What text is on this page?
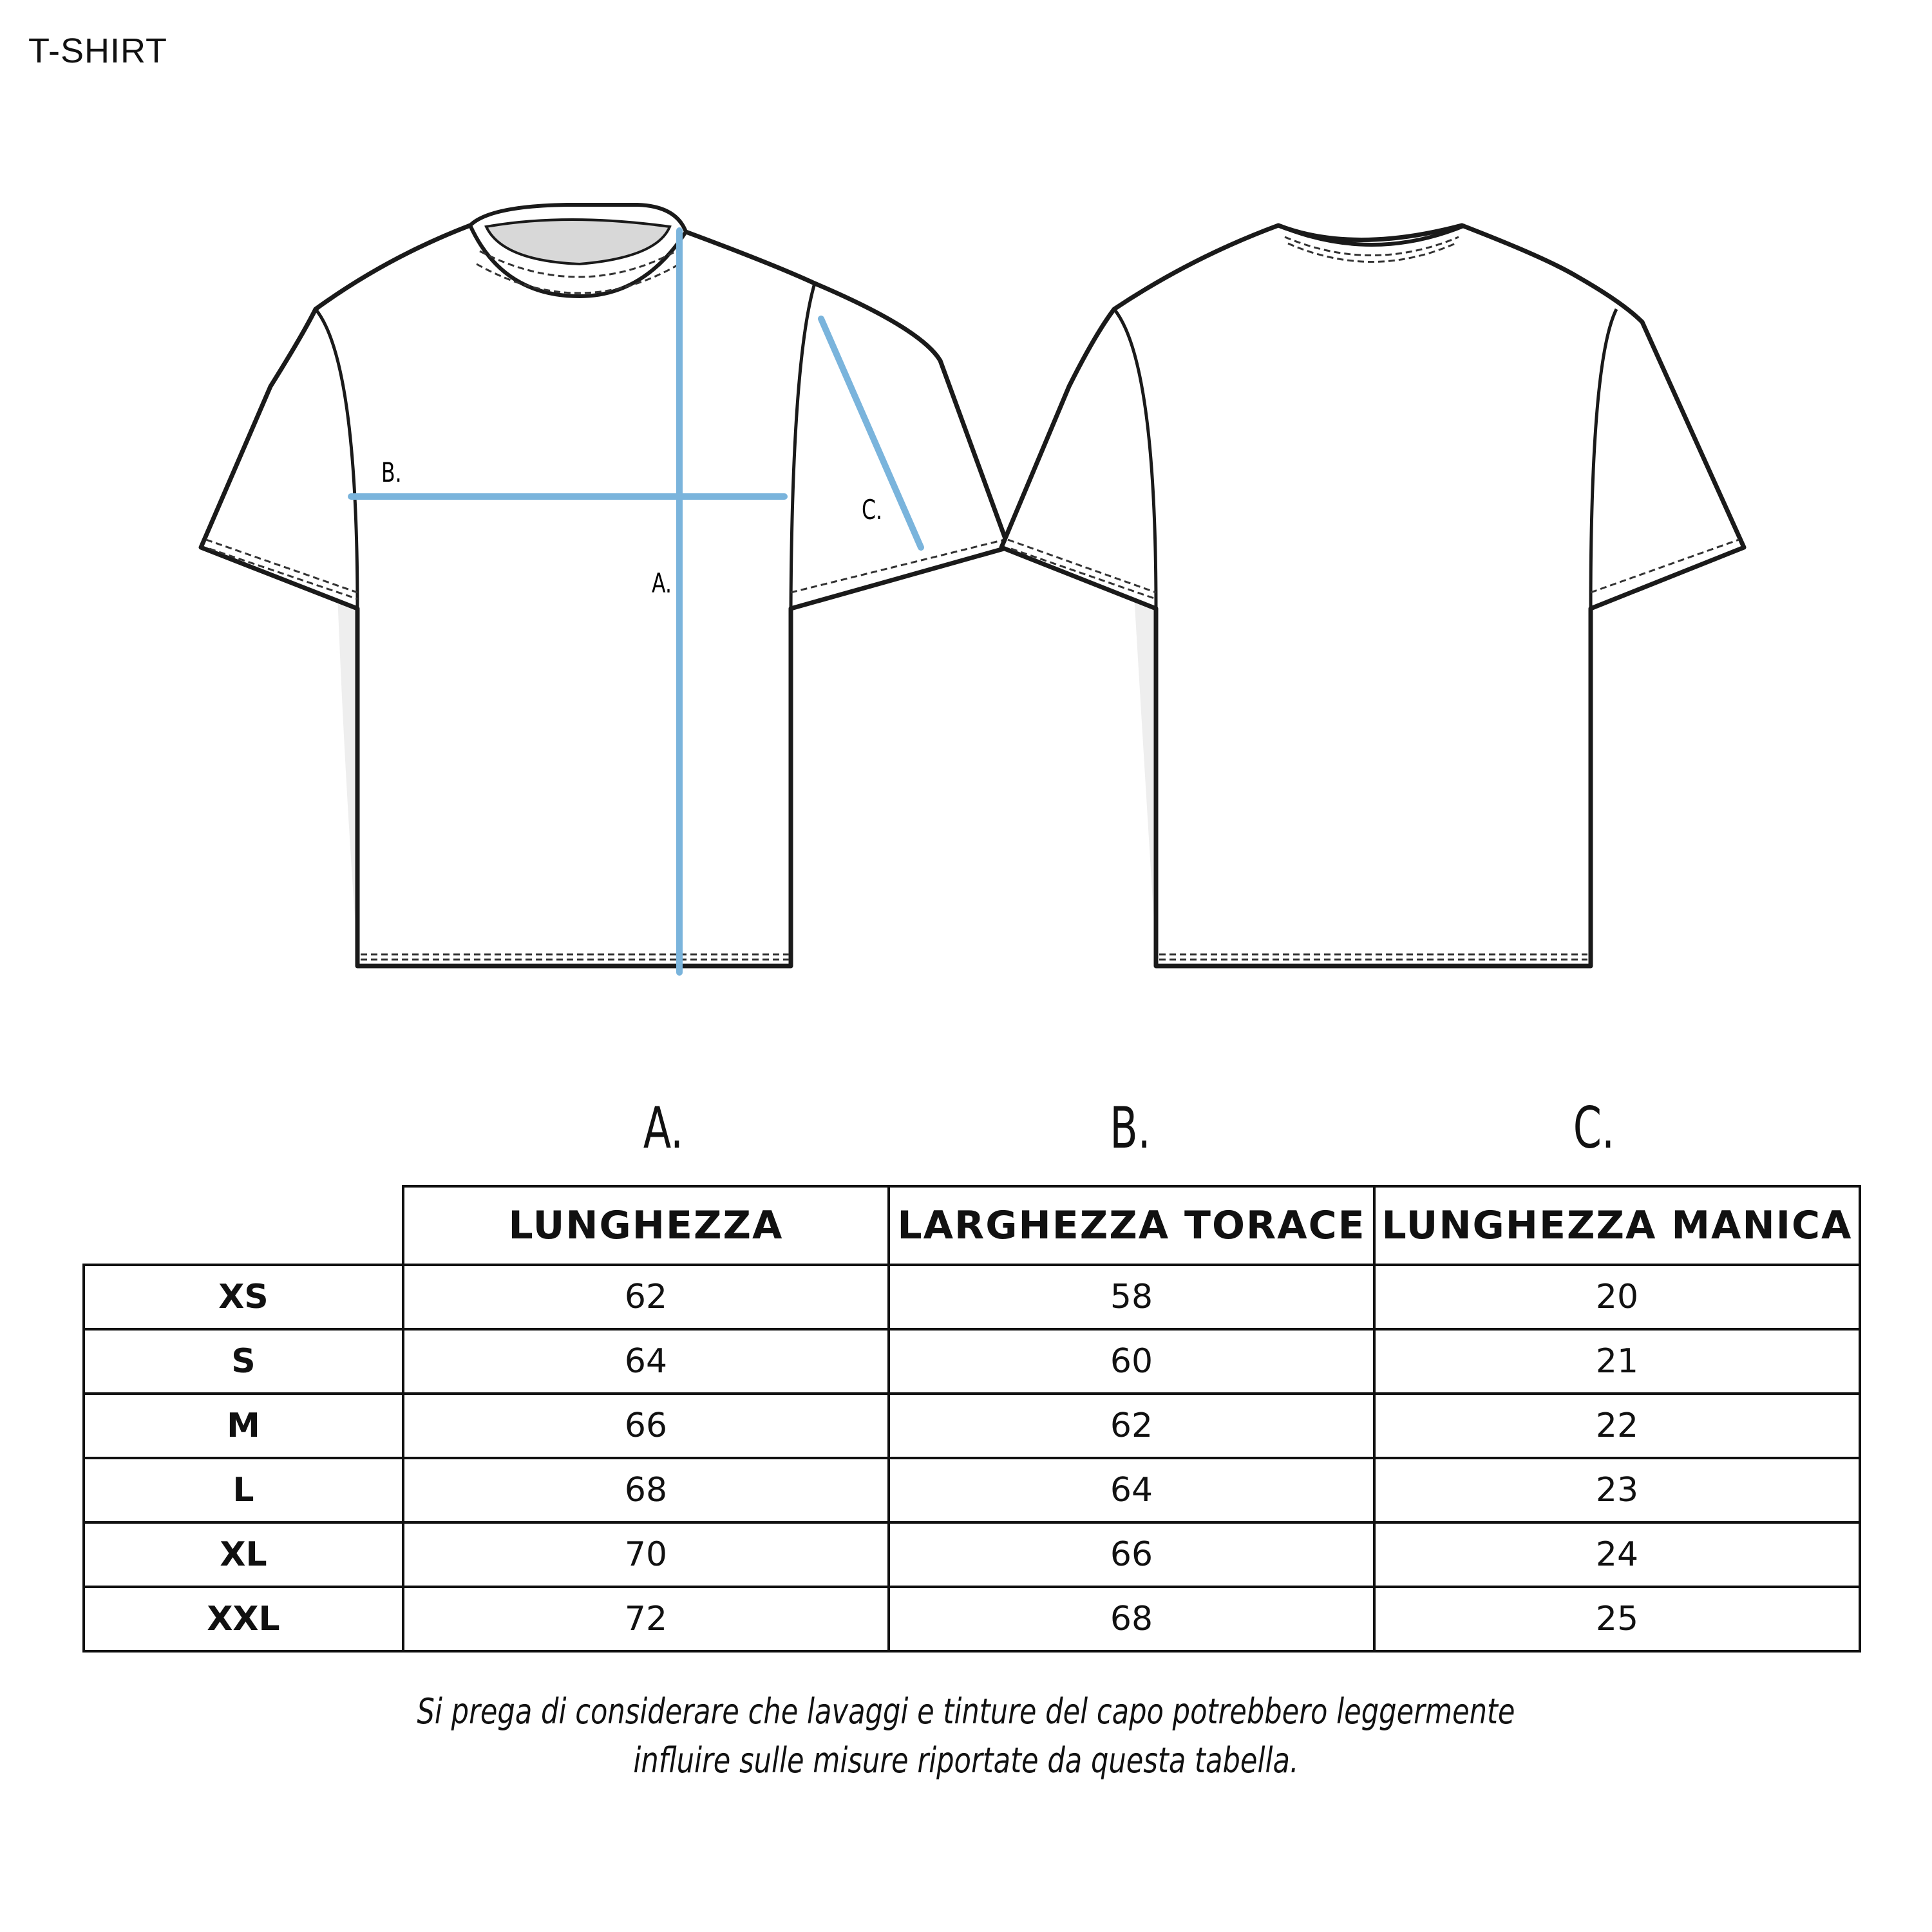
T-SHIRT
B.
A.
C.
A.	B.	C.
	LUNGHEZZA	LARGHEZZA TORACE	LUNGHEZZA MANICA
XS	62	58	20
S	64	60	21
M	66	62	22
L	68	64	23
XL	70	66	24
XXL	72	68	25
Si prega di considerare che lavaggi e tinture del capo potrebbero leggermente
influire sulle misure riportate da questa tabella.
